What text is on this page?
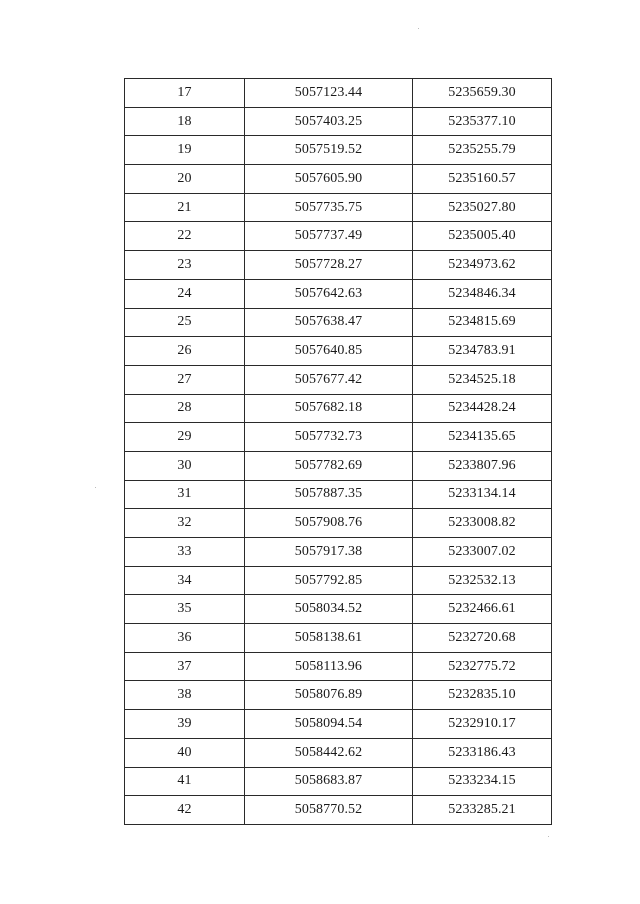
17	5057123.44	5235659.30
18	5057403.25	5235377.10
19	5057519.52	5235255.79
20	5057605.90	5235160.57
21	5057735.75	5235027.80
22	5057737.49	5235005.40
23	5057728.27	5234973.62
24	5057642.63	5234846.34
25	5057638.47	5234815.69
26	5057640.85	5234783.91
27	5057677.42	5234525.18
28	5057682.18	5234428.24
29	5057732.73	5234135.65
30	5057782.69	5233807.96
31	5057887.35	5233134.14
32	5057908.76	5233008.82
33	5057917.38	5233007.02
34	5057792.85	5232532.13
35	5058034.52	5232466.61
36	5058138.61	5232720.68
37	5058113.96	5232775.72
38	5058076.89	5232835.10
39	5058094.54	5232910.17
40	5058442.62	5233186.43
41	5058683.87	5233234.15
42	5058770.52	5233285.21
